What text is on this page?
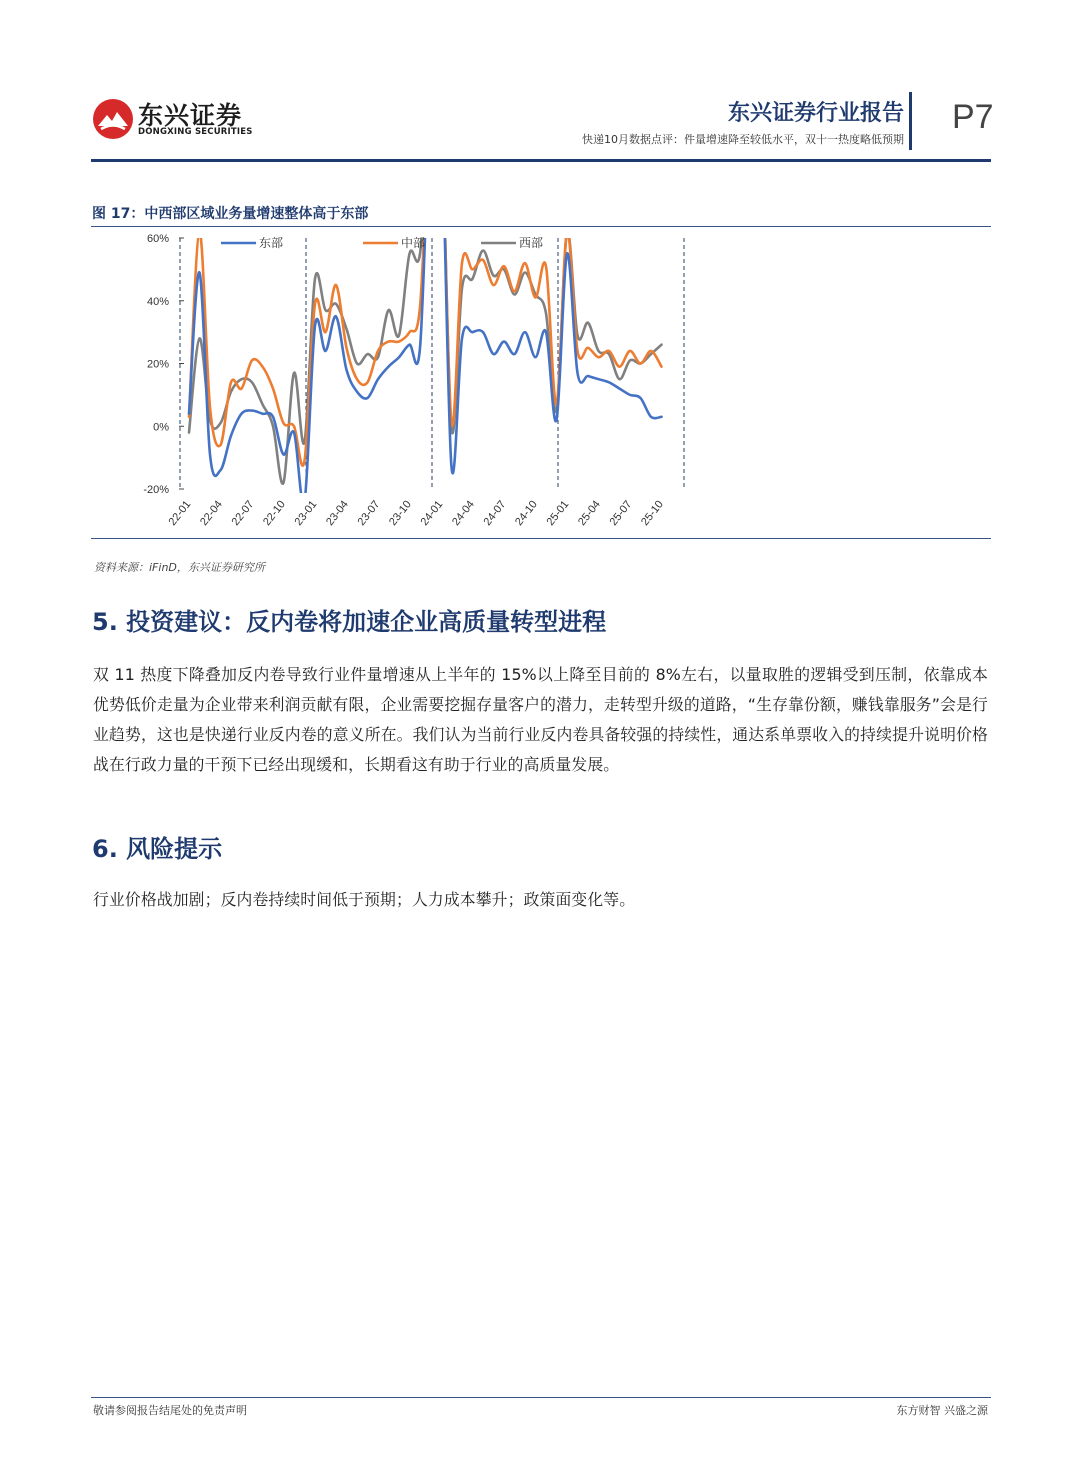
东兴证券
DONGXING SECURITIES
东兴证券行业报告
快递10月数据点评：件量增速降至较低水平，双十一热度略低预期
P7
图 17：中西部区域业务量增速整体高于东部
60%
40%
20%
0%
-20%
22-01 22-04 22-07 22-10 23-01 23-04 23-07 23-10 24-01 24-04 24-07 24-10 25-01 25-04 25-07 25-10
东部	中部	西部
资料来源：iFinD，东兴证券研究所
5. 投资建议：反内卷将加速企业高质量转型进程
双 11 热度下降叠加反内卷导致行业件量增速从上半年的 15%以上降至目前的 8%左右，以量取胜的逻辑受到压制，依靠成本优势低价走量为企业带来利润贡献有限，企业需要挖掘存量客户的潜力，走转型升级的道路，“生存靠份额，赚钱靠服务”会是行业趋势，这也是快递行业反内卷的意义所在。我们认为当前行业反内卷具备较强的持续性，通达系单票收入的持续提升说明价格战在行政力量的干预下已经出现缓和，长期看这有助于行业的高质量发展。
6. 风险提示
行业价格战加剧；反内卷持续时间低于预期；人力成本攀升；政策面变化等。
敬请参阅报告结尾处的免责声明	东方财智 兴盛之源
